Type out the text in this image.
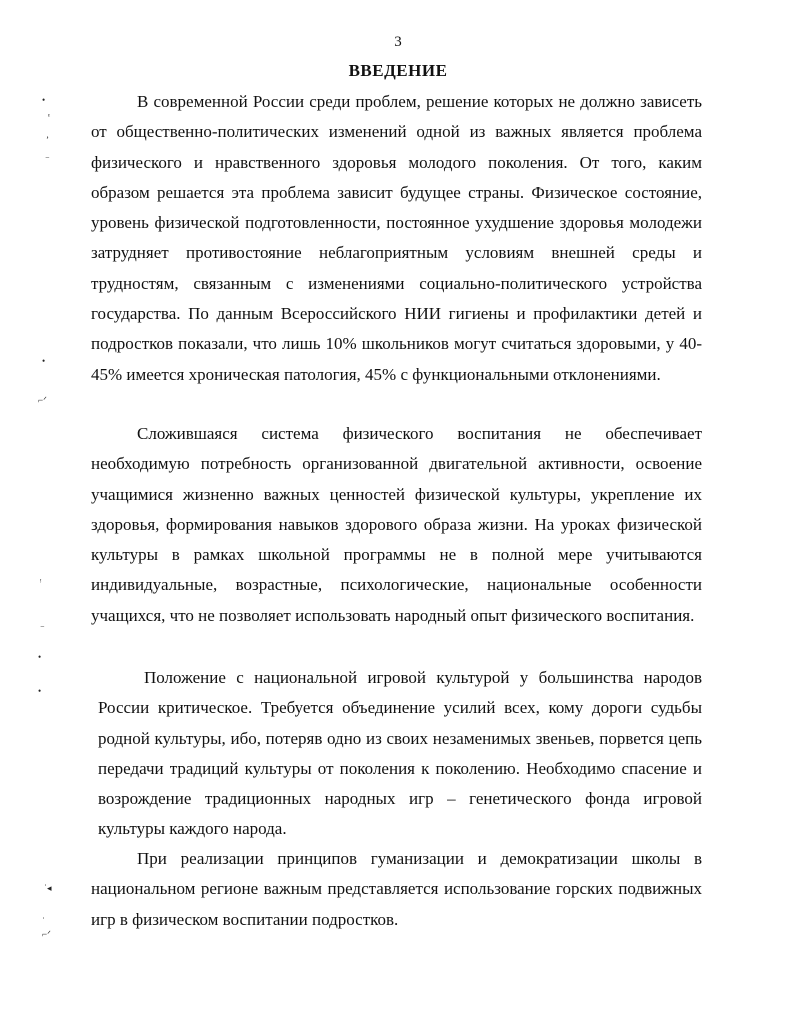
3
ВВЕДЕНИЕ

В современной России среди проблем, решение которых не должно зависеть от общественно-политических изменений одной из важных является проблема физического и нравственного здоровья молодого поколения. От того, каким образом решается эта проблема зависит будущее страны. Физическое состояние, уровень физической подготовленности, постоянное ухудшение здоровья молодежи затрудняет противостояние неблагоприятным условиям внешней среды и трудностям, связанным с изменениями социально-политического устройства государства. По данным Всероссийского НИИ гигиены и профилактики детей и подростков показали, что лишь 10% школьников могут считаться здоровыми, у 40-45% имеется хроническая патология, 45% с функциональными отклонениями.

Сложившаяся система физического воспитания не обеспечивает необходимую потребность организованной двигательной активности, освоение учащимися жизненно важных ценностей физической культуры, укрепление их здоровья, формирования навыков здорового образа жизни. На уроках физической культуры в рамках школьной программы не в полной мере учитываются индивидуальные, возрастные, психологические, национальные особенности учащихся, что не позволяет использовать народный опыт физического воспитания.

Положение с национальной игровой культурой у большинства народов России критическое. Требуется объединение усилий всех, кому дороги судьбы родной культуры, ибо, потеряв одно из своих незаменимых звеньев, порвется цепь передачи традиций культуры от поколения к поколению. Необходимо спасение и возрождение традиционных народных игр – генетического фонда игровой культуры каждого народа.

При реализации принципов гуманизации и демократизации школы в национальном регионе важным представляется использование горских подвижных игр в физическом воспитании подростков.

•
ᵋ
ʼ
⁻
•
⌐ᐟ
ᵎ
⁻
•
•
˙◂
˙
⌐ᐟ
